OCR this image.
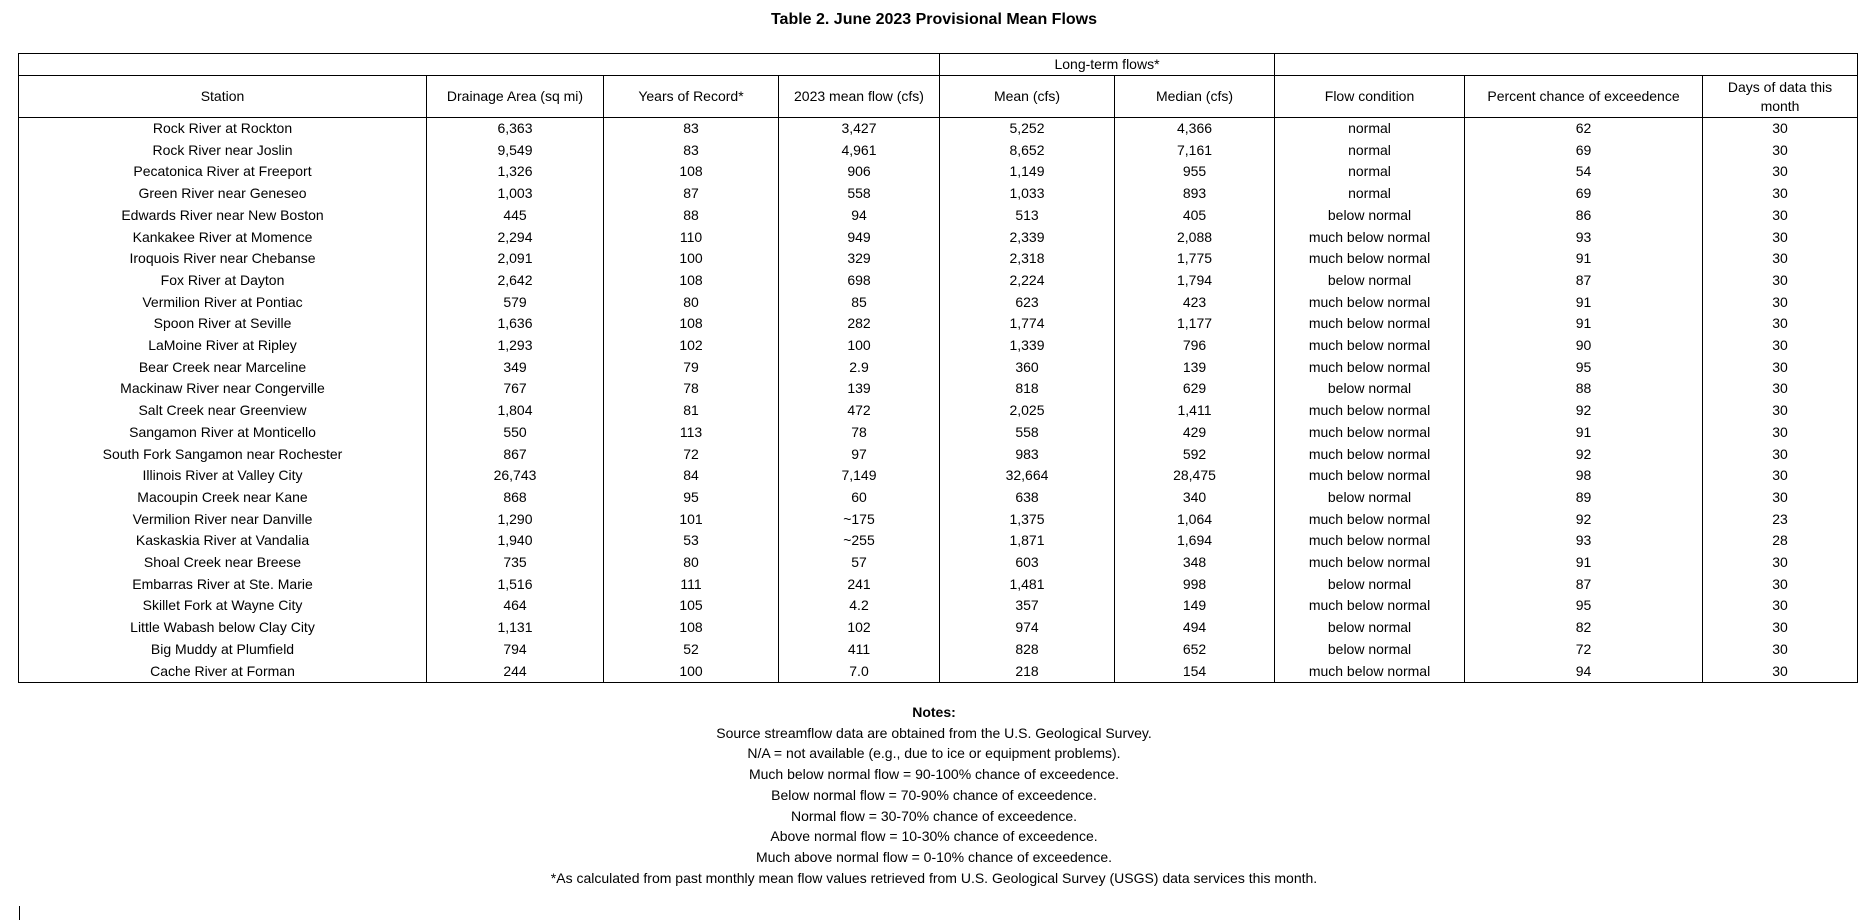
Table 2. June 2023 Provisional Mean Flows
				Long-term flows*				
Station	Drainage Area (sq mi)	Years of Record*	2023 mean flow (cfs)	Mean (cfs)	Median (cfs)	Flow condition	Percent chance of exceedence	Days of data this month
Rock River at Rockton	6,363	83	3,427	5,252	4,366	normal	62	30
Rock River near Joslin	9,549	83	4,961	8,652	7,161	normal	69	30
Pecatonica River at Freeport	1,326	108	906	1,149	955	normal	54	30
Green River near Geneseo	1,003	87	558	1,033	893	normal	69	30
Edwards River near New Boston	445	88	94	513	405	below normal	86	30
Kankakee River at Momence	2,294	110	949	2,339	2,088	much below normal	93	30
Iroquois River near Chebanse	2,091	100	329	2,318	1,775	much below normal	91	30
Fox River at Dayton	2,642	108	698	2,224	1,794	below normal	87	30
Vermilion River at Pontiac	579	80	85	623	423	much below normal	91	30
Spoon River at Seville	1,636	108	282	1,774	1,177	much below normal	91	30
LaMoine River at Ripley	1,293	102	100	1,339	796	much below normal	90	30
Bear Creek near Marceline	349	79	2.9	360	139	much below normal	95	30
Mackinaw River near Congerville	767	78	139	818	629	below normal	88	30
Salt Creek near Greenview	1,804	81	472	2,025	1,411	much below normal	92	30
Sangamon River at Monticello	550	113	78	558	429	much below normal	91	30
South Fork Sangamon near Rochester	867	72	97	983	592	much below normal	92	30
Illinois River at Valley City	26,743	84	7,149	32,664	28,475	much below normal	98	30
Macoupin Creek near Kane	868	95	60	638	340	below normal	89	30
Vermilion River near Danville	1,290	101	~175	1,375	1,064	much below normal	92	23
Kaskaskia River at Vandalia	1,940	53	~255	1,871	1,694	much below normal	93	28
Shoal Creek near Breese	735	80	57	603	348	much below normal	91	30
Embarras River at Ste. Marie	1,516	111	241	1,481	998	below normal	87	30
Skillet Fork at Wayne City	464	105	4.2	357	149	much below normal	95	30
Little Wabash below Clay City	1,131	108	102	974	494	below normal	82	30
Big Muddy at Plumfield	794	52	411	828	652	below normal	72	30
Cache River at Forman	244	100	7.0	218	154	much below normal	94	30
Notes:
Source streamflow data are obtained from the U.S. Geological Survey.
N/A = not available (e.g., due to ice or equipment problems).
Much below normal flow = 90-100% chance of exceedence.
Below normal flow = 70-90% chance of exceedence.
Normal flow = 30-70% chance of exceedence.
Above normal flow = 10-30% chance of exceedence.
Much above normal flow = 0-10% chance of exceedence.
*As calculated from past monthly mean flow values retrieved from U.S. Geological Survey (USGS) data services this month.
